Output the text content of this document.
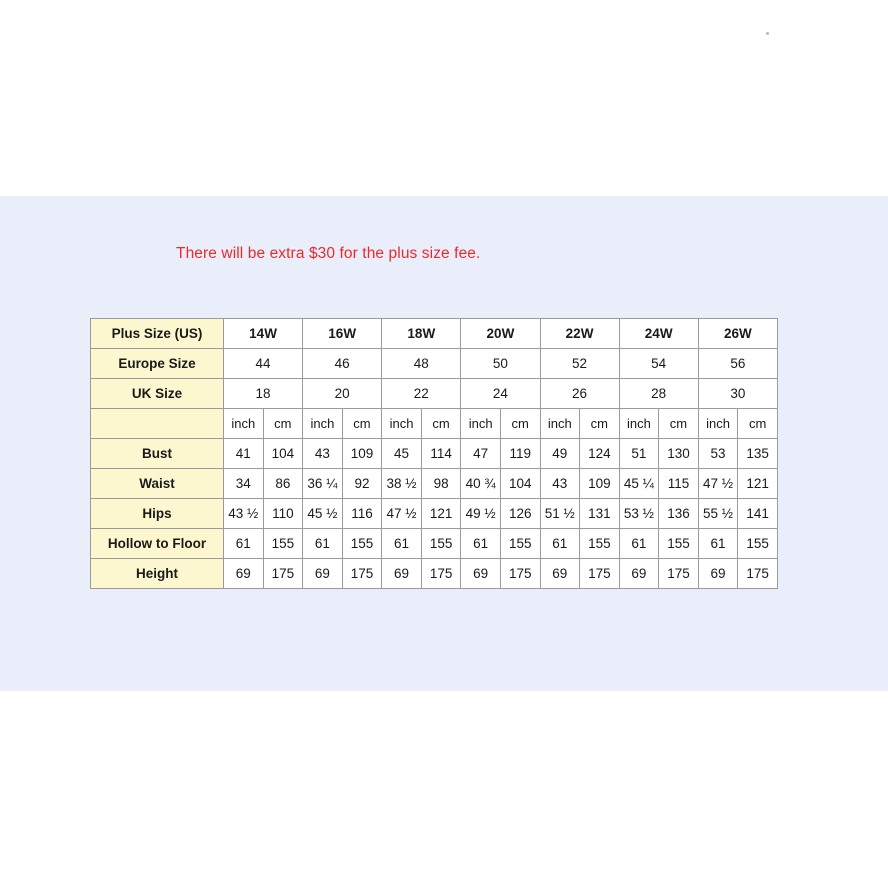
There will be extra $30 for the plus size fee.
Plus Size (US)	14W		16W		18W		20W		22W		24W		26W	
Europe Size	44		46		48		50		52		54		56	
UK Size	18		20		22		24		26		28		30	
	inch	cm	inch	cm	inch	cm	inch	cm	inch	cm	inch	cm	inch	cm
Bust	41	104	43	109	45	114	47	119	49	124	51	130	53	135
Waist	34	86	36 ¼	92	38 ½	98	40 ¾	104	43	109	45 ¼	115	47 ½	121
Hips	43 ½	110	45 ½	116	47 ½	121	49 ½	126	51 ½	131	53 ½	136	55 ½	141
Hollow to Floor	61	155	61	155	61	155	61	155	61	155	61	155	61	155
Height	69	175	69	175	69	175	69	175	69	175	69	175	69	175
